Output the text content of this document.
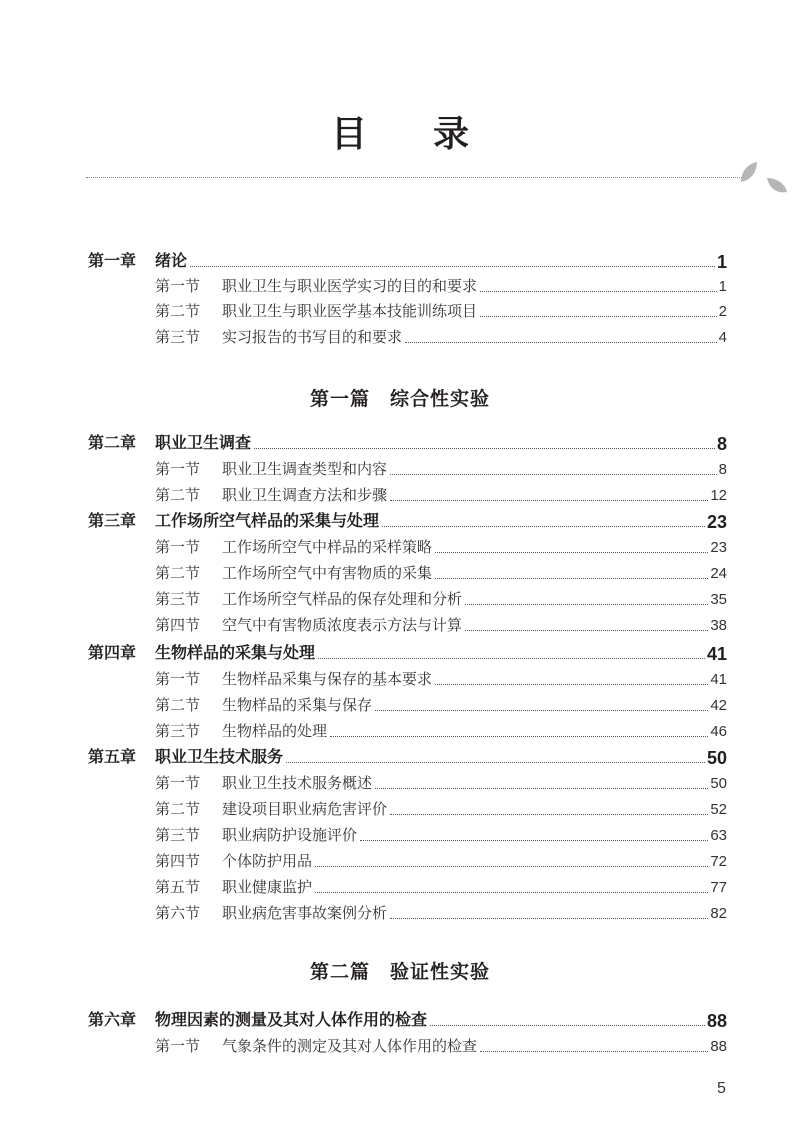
目 录
第一章	绪论	1
第一节	职业卫生与职业医学实习的目的和要求	1
第二节	职业卫生与职业医学基本技能训练项目	2
第三节	实习报告的书写目的和要求	4
第一篇　综合性实验
第二章	职业卫生调查	8
第一节	职业卫生调查类型和内容	8
第二节	职业卫生调查方法和步骤	12
第三章	工作场所空气样品的采集与处理	23
第一节	工作场所空气中样品的采样策略	23
第二节	工作场所空气中有害物质的采集	24
第三节	工作场所空气样品的保存处理和分析	35
第四节	空气中有害物质浓度表示方法与计算	38
第四章	生物样品的采集与处理	41
第一节	生物样品采集与保存的基本要求	41
第二节	生物样品的采集与保存	42
第三节	生物样品的处理	46
第五章	职业卫生技术服务	50
第一节	职业卫生技术服务概述	50
第二节	建设项目职业病危害评价	52
第三节	职业病防护设施评价	63
第四节	个体防护用品	72
第五节	职业健康监护	77
第六节	职业病危害事故案例分析	82
第二篇　验证性实验
第六章	物理因素的测量及其对人体作用的检查	88
第一节	气象条件的测定及其对人体作用的检查	88
5
